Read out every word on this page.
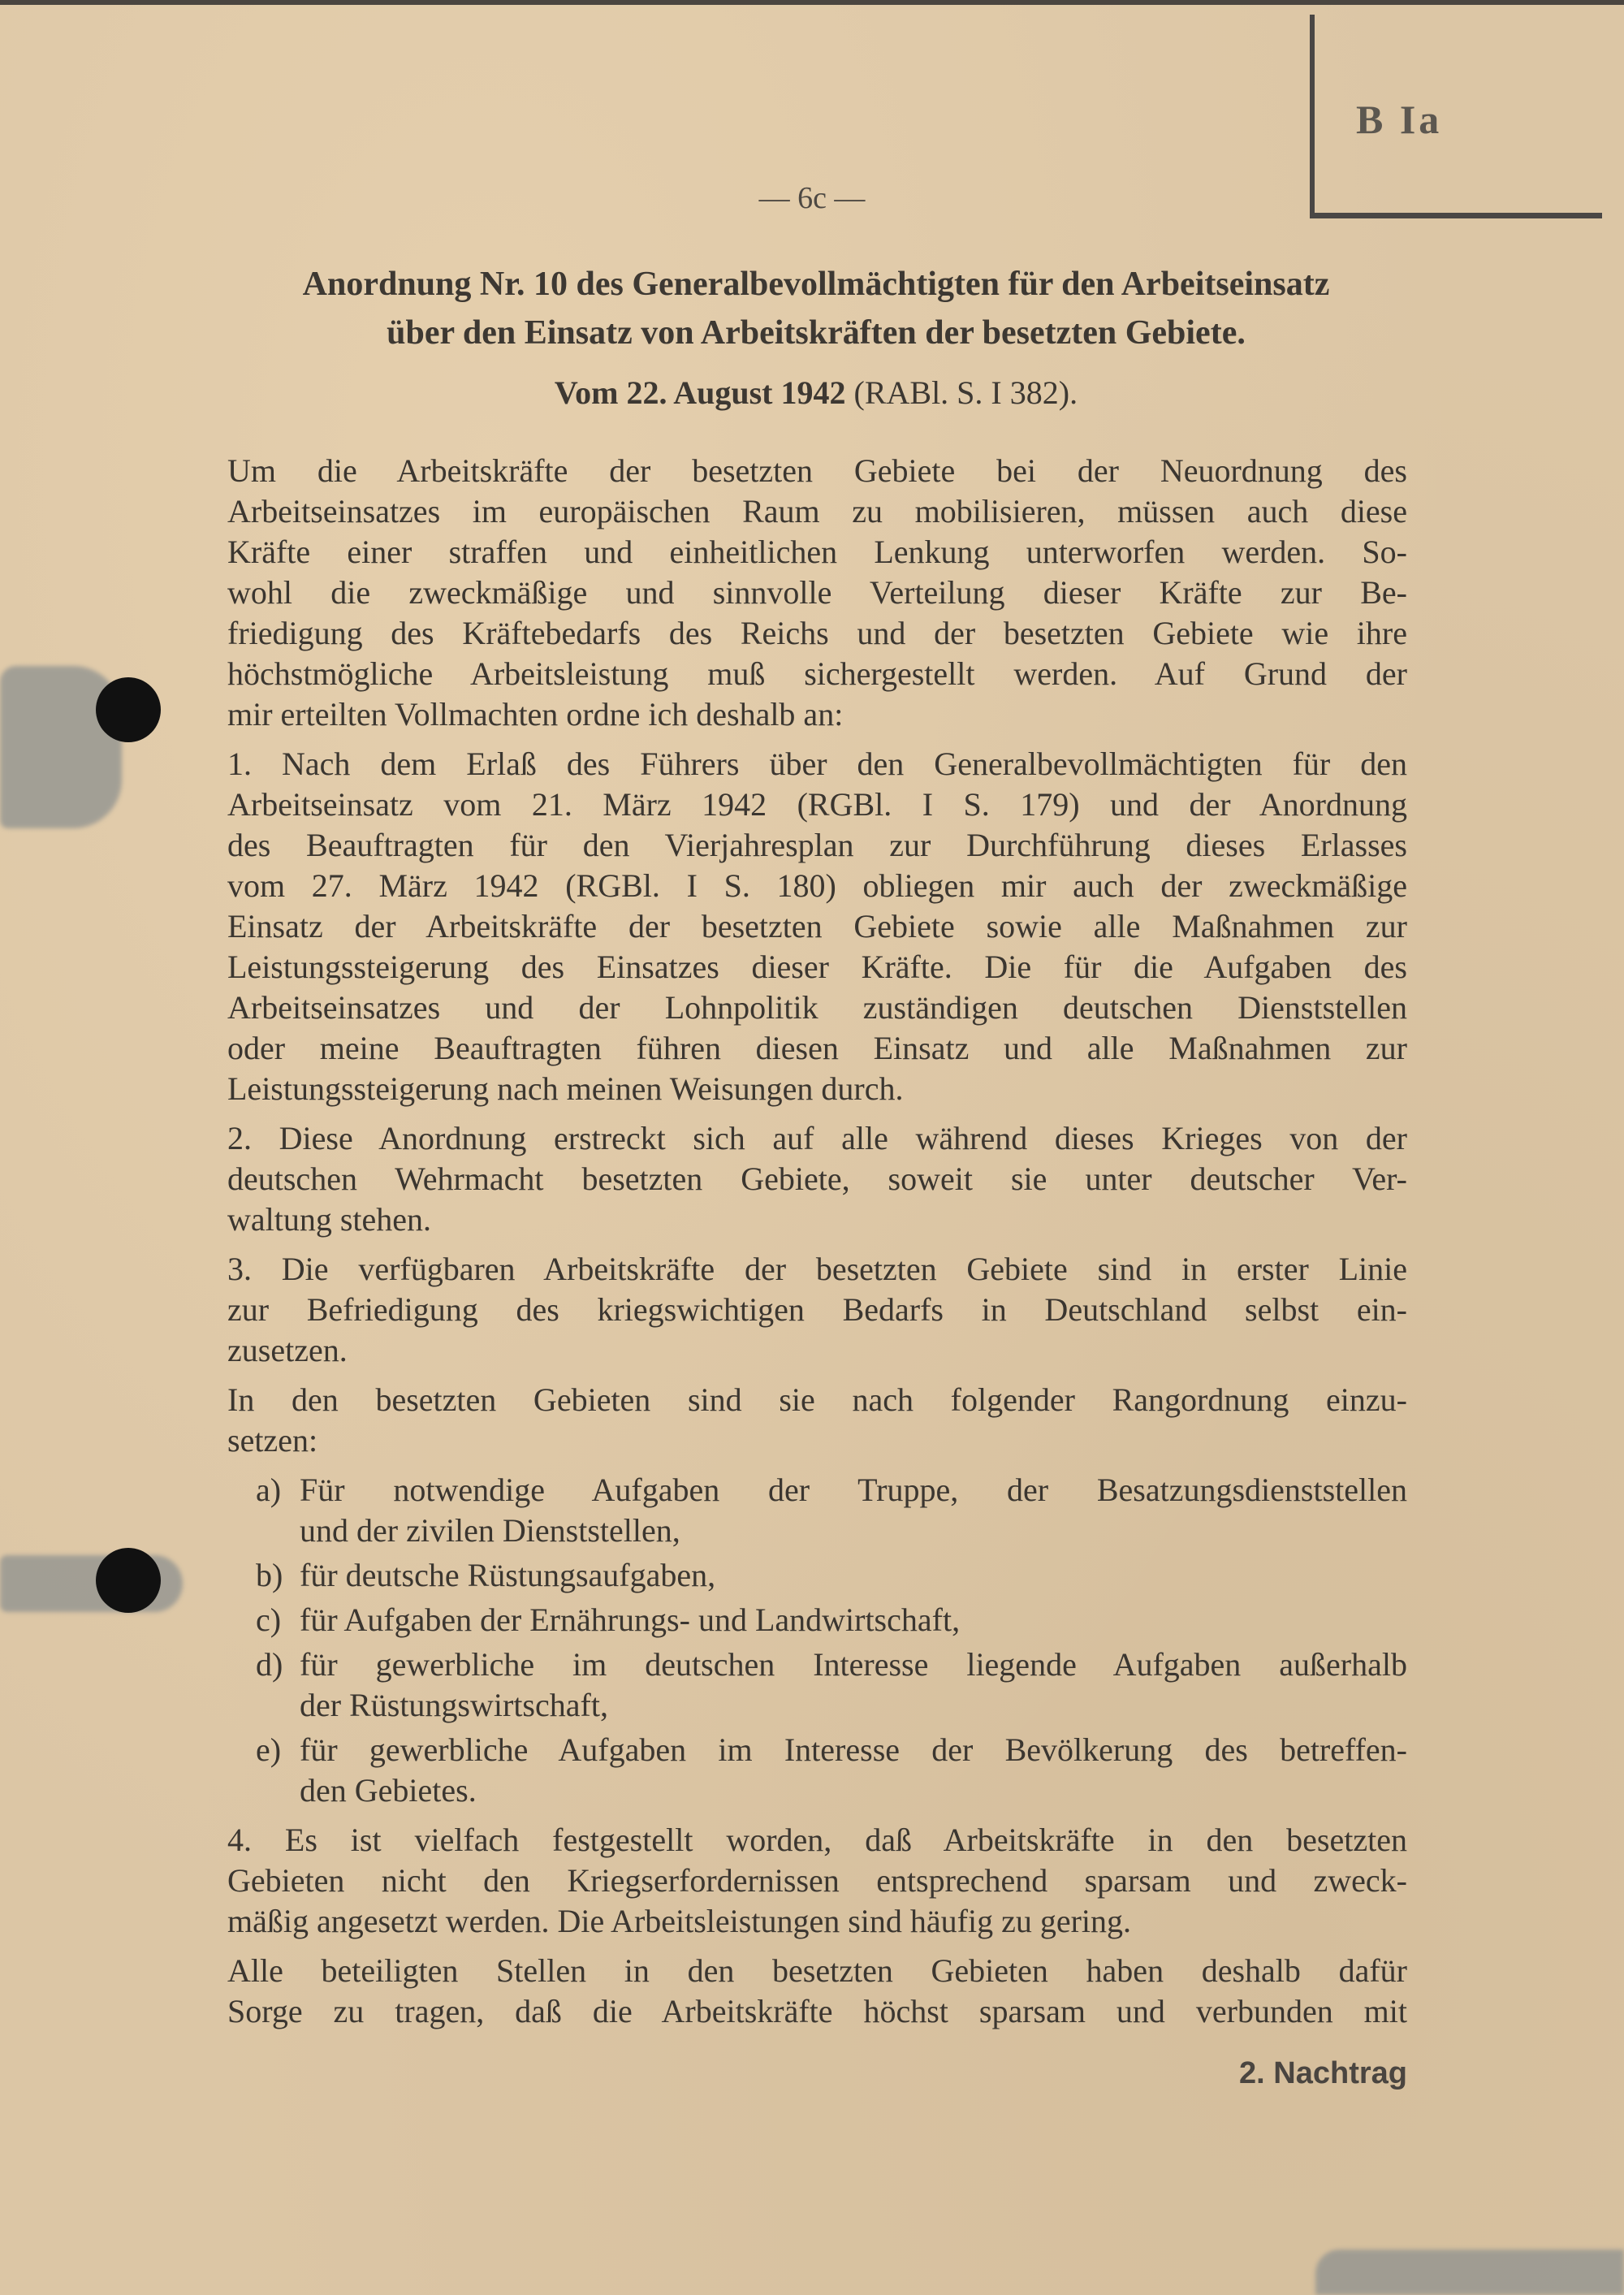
B Ia
— 6c —
Anordnung Nr. 10 des Generalbevollmächtigten für den Arbeitseinsatz
über den Einsatz von Arbeitskräften der besetzten Gebiete.
Vom 22. August 1942 (RABl. S. I 382).
Um die Arbeitskräfte der besetzten Gebiete bei der Neuordnung des
Arbeitseinsatzes im europäischen Raum zu mobilisieren, müssen auch diese
Kräfte einer straffen und einheitlichen Lenkung unterworfen werden. So-
wohl die zweckmäßige und sinnvolle Verteilung dieser Kräfte zur Be-
friedigung des Kräftebedarfs des Reichs und der besetzten Gebiete wie ihre
höchstmögliche Arbeitsleistung muß sichergestellt werden. Auf Grund der
mir erteilten Vollmachten ordne ich deshalb an:
1. Nach dem Erlaß des Führers über den Generalbevollmächtigten für den
Arbeitseinsatz vom 21. März 1942 (RGBl. I S. 179) und der Anordnung
des Beauftragten für den Vierjahresplan zur Durchführung dieses Erlasses
vom 27. März 1942 (RGBl. I S. 180) obliegen mir auch der zweckmäßige
Einsatz der Arbeitskräfte der besetzten Gebiete sowie alle Maßnahmen zur
Leistungssteigerung des Einsatzes dieser Kräfte. Die für die Aufgaben des
Arbeitseinsatzes und der Lohnpolitik zuständigen deutschen Dienststellen
oder meine Beauftragten führen diesen Einsatz und alle Maßnahmen zur
Leistungssteigerung nach meinen Weisungen durch.
2. Diese Anordnung erstreckt sich auf alle während dieses Krieges von der
deutschen Wehrmacht besetzten Gebiete, soweit sie unter deutscher Ver-
waltung stehen.
3. Die verfügbaren Arbeitskräfte der besetzten Gebiete sind in erster Linie
zur Befriedigung des kriegswichtigen Bedarfs in Deutschland selbst ein-
zusetzen.
In den besetzten Gebieten sind sie nach folgender Rangordnung einzu-
setzen:
a) Für notwendige Aufgaben der Truppe, der Besatzungsdienststellen
und der zivilen Dienststellen,
b) für deutsche Rüstungsaufgaben,
c) für Aufgaben der Ernährungs- und Landwirtschaft,
d) für gewerbliche im deutschen Interesse liegende Aufgaben außerhalb
der Rüstungswirtschaft,
e) für gewerbliche Aufgaben im Interesse der Bevölkerung des betreffen-
den Gebietes.
4. Es ist vielfach festgestellt worden, daß Arbeitskräfte in den besetzten
Gebieten nicht den Kriegserfordernissen entsprechend sparsam und zweck-
mäßig angesetzt werden. Die Arbeitsleistungen sind häufig zu gering.
Alle beteiligten Stellen in den besetzten Gebieten haben deshalb dafür
Sorge zu tragen, daß die Arbeitskräfte höchst sparsam und verbunden mit
2. Nachtrag
